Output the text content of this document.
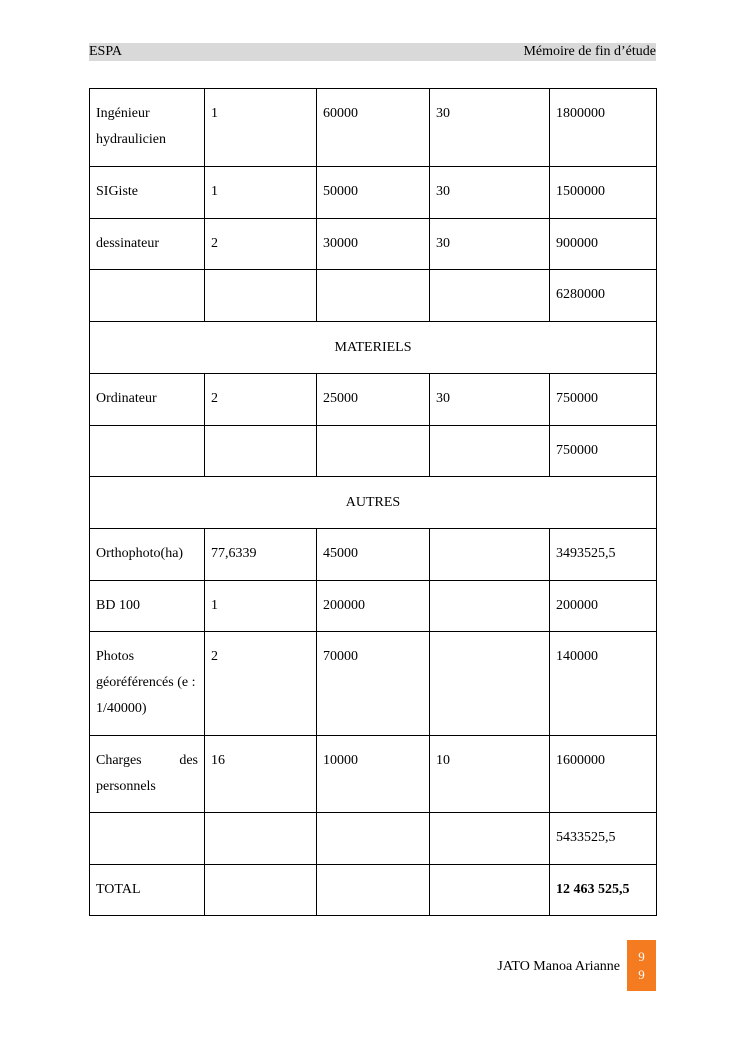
ESPA	Mémoire de fin d’étude
Ingénieur hydraulicien	1	60000	30	1800000
SIGiste	1	50000	30	1500000
dessinateur	2	30000	30	900000
				6280000
MATERIELS				
Ordinateur	2	25000	30	750000
				750000
AUTRES				
Orthophoto(ha)	77,6339	45000		3493525,5
BD 100	1	200000		200000
Photos géoréférencés (e : 1/40000)	2	70000		140000
Charges des personnels	16	10000	10	1600000
				5433525,5
TOTAL				12 463 525,5
JATO Manoa Arianne
9
9
